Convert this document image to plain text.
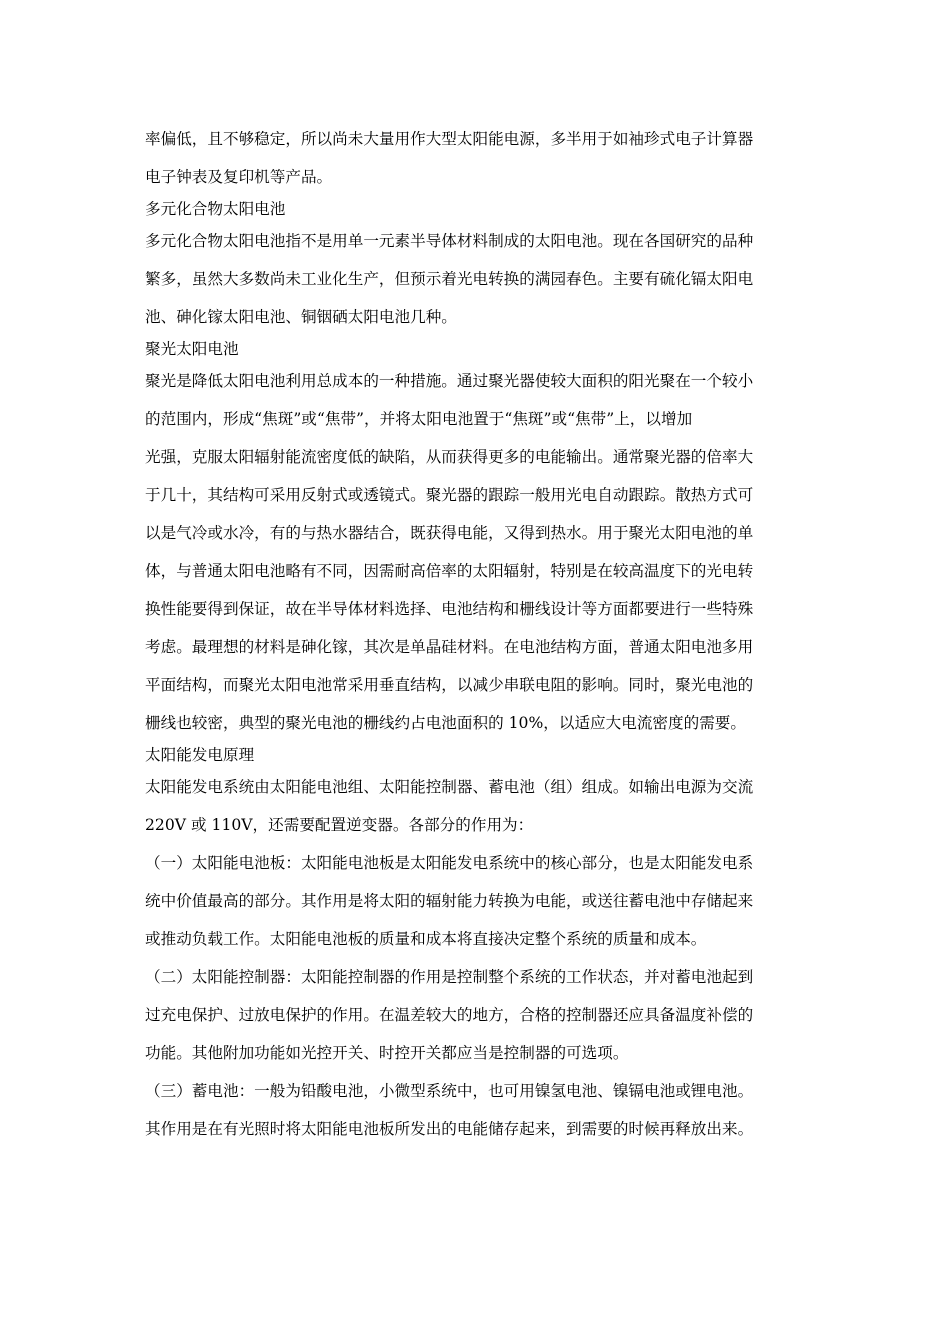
率偏低，且不够稳定，所以尚未大量用作大型太阳能电源，多半用于如袖珍式电子计算器
电子钟表及复印机等产品。
多元化合物太阳电池
多元化合物太阳电池指不是用单一元素半导体材料制成的太阳电池。现在各国研究的品种
繁多，虽然大多数尚未工业化生产，但预示着光电转换的满园春色。主要有硫化镉太阳电
池、砷化镓太阳电池、铜铟硒太阳电池几种。
聚光太阳电池
聚光是降低太阳电池利用总成本的一种措施。通过聚光器使较大面积的阳光聚在一个较小
的范围内，形成“焦斑”或“焦带”，并将太阳电池置于“焦斑”或“焦带”上，以增加
光强，克服太阳辐射能流密度低的缺陷，从而获得更多的电能输出。通常聚光器的倍率大
于几十，其结构可采用反射式或透镜式。聚光器的跟踪一般用光电自动跟踪。散热方式可
以是气冷或水冷，有的与热水器结合，既获得电能，又得到热水。用于聚光太阳电池的单
体，与普通太阳电池略有不同，因需耐高倍率的太阳辐射，特别是在较高温度下的光电转
换性能要得到保证，故在半导体材料选择、电池结构和栅线设计等方面都要进行一些特殊
考虑。最理想的材料是砷化镓，其次是单晶硅材料。在电池结构方面，普通太阳电池多用
平面结构，而聚光太阳电池常采用垂直结构，以减少串联电阻的影响。同时，聚光电池的
栅线也较密，典型的聚光电池的栅线约占电池面积的 10%，以适应大电流密度的需要。
太阳能发电原理
太阳能发电系统由太阳能电池组、太阳能控制器、蓄电池（组）组成。如输出电源为交流
220V 或 110V，还需要配置逆变器。各部分的作用为：
（一）太阳能电池板：太阳能电池板是太阳能发电系统中的核心部分，也是太阳能发电系
统中价值最高的部分。其作用是将太阳的辐射能力转换为电能，或送往蓄电池中存储起来
或推动负载工作。太阳能电池板的质量和成本将直接决定整个系统的质量和成本。
（二）太阳能控制器：太阳能控制器的作用是控制整个系统的工作状态，并对蓄电池起到
过充电保护、过放电保护的作用。在温差较大的地方，合格的控制器还应具备温度补偿的
功能。其他附加功能如光控开关、时控开关都应当是控制器的可选项。
（三）蓄电池：一般为铅酸电池，小微型系统中，也可用镍氢电池、镍镉电池或锂电池。
其作用是在有光照时将太阳能电池板所发出的电能储存起来，到需要的时候再释放出来。
